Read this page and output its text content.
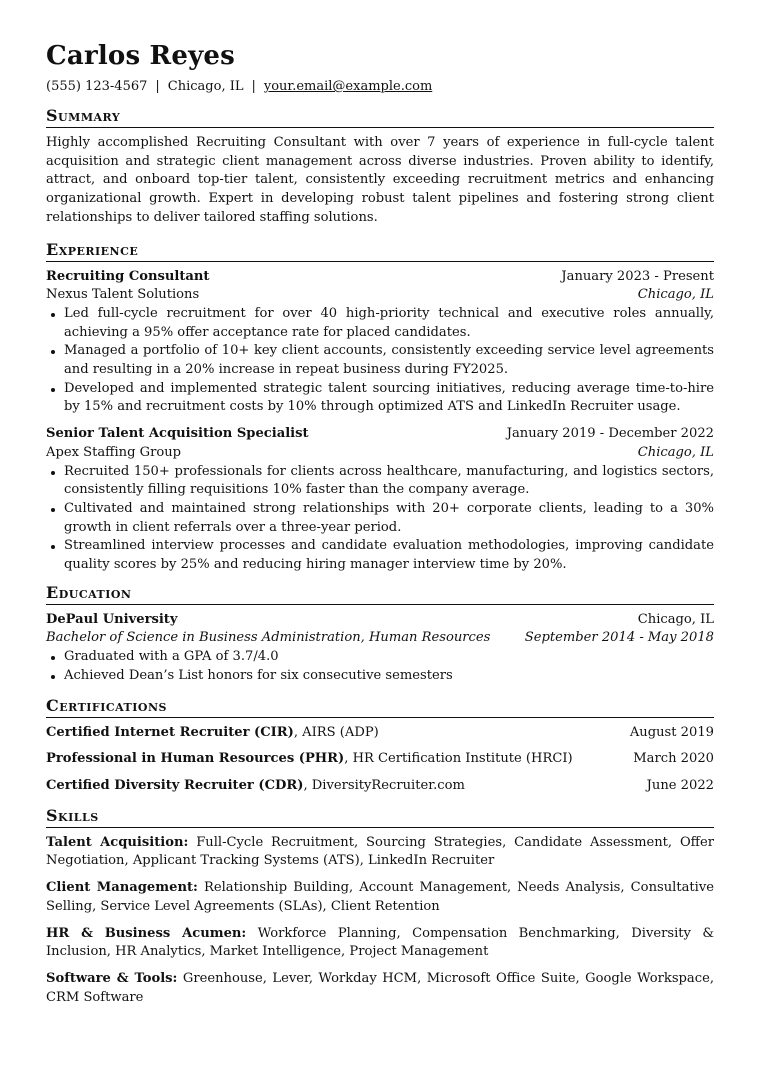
Carlos Reyes
(555) 123-4567 | Chicago, IL | your.email@example.com
Summary
Highly accomplished Recruiting Consultant with over 7 years of experience in full-cycle talent acquisition and strategic client management across diverse industries. Proven ability to identify, attract, and onboard top-tier talent, consistently exceeding recruitment metrics and enhancing organizational growth. Expert in developing robust talent pipelines and fostering strong client relationships to deliver tailored staffing solutions.
Experience
Recruiting Consultant	January 2023 - Present
Nexus Talent Solutions	Chicago, IL
Led full-cycle recruitment for over 40 high-priority technical and executive roles annually, achieving a 95% offer acceptance rate for placed candidates.
Managed a portfolio of 10+ key client accounts, consistently exceeding service level agreements and resulting in a 20% increase in repeat business during FY2025.
Developed and implemented strategic talent sourcing initiatives, reducing average time-to-hire by 15% and recruitment costs by 10% through optimized ATS and LinkedIn Recruiter usage.
Senior Talent Acquisition Specialist	January 2019 - December 2022
Apex Staffing Group	Chicago, IL
Recruited 150+ professionals for clients across healthcare, manufacturing, and logistics sectors, consistently filling requisitions 10% faster than the company average.
Cultivated and maintained strong relationships with 20+ corporate clients, leading to a 30% growth in client referrals over a three-year period.
Streamlined interview processes and candidate evaluation methodologies, improving candidate quality scores by 25% and reducing hiring manager interview time by 20%.
Education
DePaul University	Chicago, IL
Bachelor of Science in Business Administration, Human Resources	September 2014 - May 2018
Graduated with a GPA of 3.7/4.0
Achieved Dean’s List honors for six consecutive semesters
Certifications
Certified Internet Recruiter (CIR), AIRS (ADP)	August 2019
Professional in Human Resources (PHR), HR Certification Institute (HRCI)	March 2020
Certified Diversity Recruiter (CDR), DiversityRecruiter.com	June 2022
Skills
Talent Acquisition: Full-Cycle Recruitment, Sourcing Strategies, Candidate Assessment, Offer Negotiation, Applicant Tracking Systems (ATS), LinkedIn Recruiter
Client Management: Relationship Building, Account Management, Needs Analysis, Consultative Selling, Service Level Agreements (SLAs), Client Retention
HR & Business Acumen: Workforce Planning, Compensation Benchmarking, Diversity & Inclusion, HR Analytics, Market Intelligence, Project Management
Software & Tools: Greenhouse, Lever, Workday HCM, Microsoft Office Suite, Google Workspace, CRM Software
